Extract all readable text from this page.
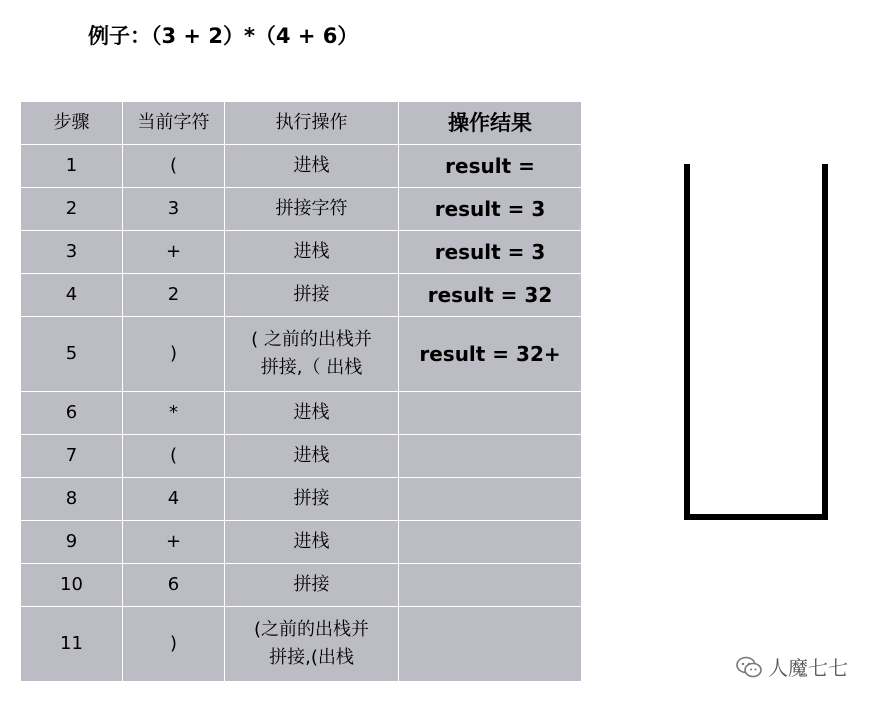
例子：（3 + 2）*（4 + 6）
步骤	当前字符	执行操作	操作结果
1	(	进栈	result =
2	3	拼接字符	result = 3
3	+	进栈	result = 3
4	2	拼接	result = 32
5	)	( 之前的出栈并
拼接,（ 出栈	result = 32+
6	*	进栈	
7	(	进栈	
8	4	拼接	
9	+	进栈	
10	6	拼接	
11	)	(之前的出栈并
拼接,(出栈	
		人魔七七
